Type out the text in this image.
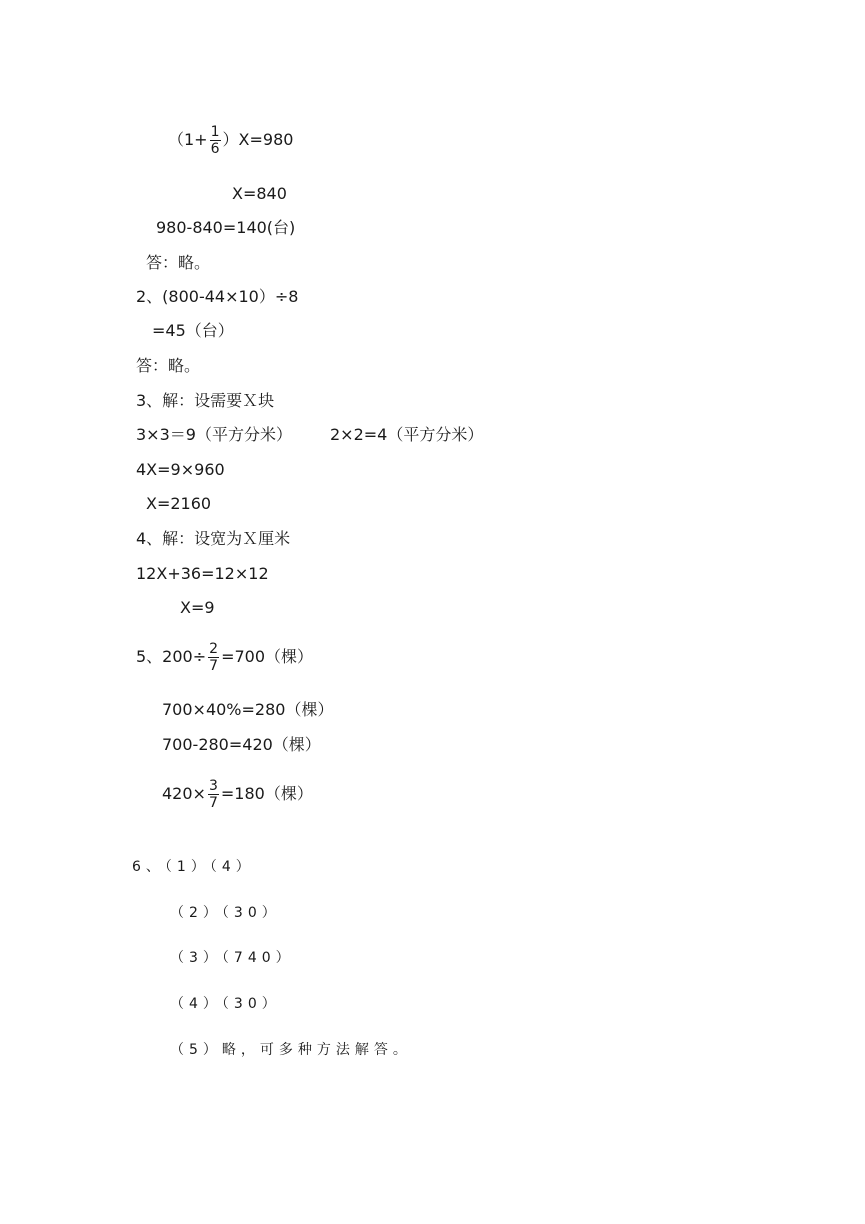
$(1+ \frac{1}{6} )X=980$
X=840
980-840=140(台)
答：略。
2、(800-44×10）÷8
=45（台）
答：略。
3、解：设需要Ｘ块
3×3＝9（平方分米） 2×2=4（平方分米）
4X=9×960
X=2160
4、解：设宽为Ｘ厘米
12X+36=12×12
X=9
5、$200\div \frac{2}{7} =700$（棵）
700×40%=280（棵）
700-280=420（棵）
$420\times \frac{3}{7} =180$（棵）
6、（1）（4）
（2）（30）
（3）（740）
（4）（30）
（5）略，可多种方法解答。
